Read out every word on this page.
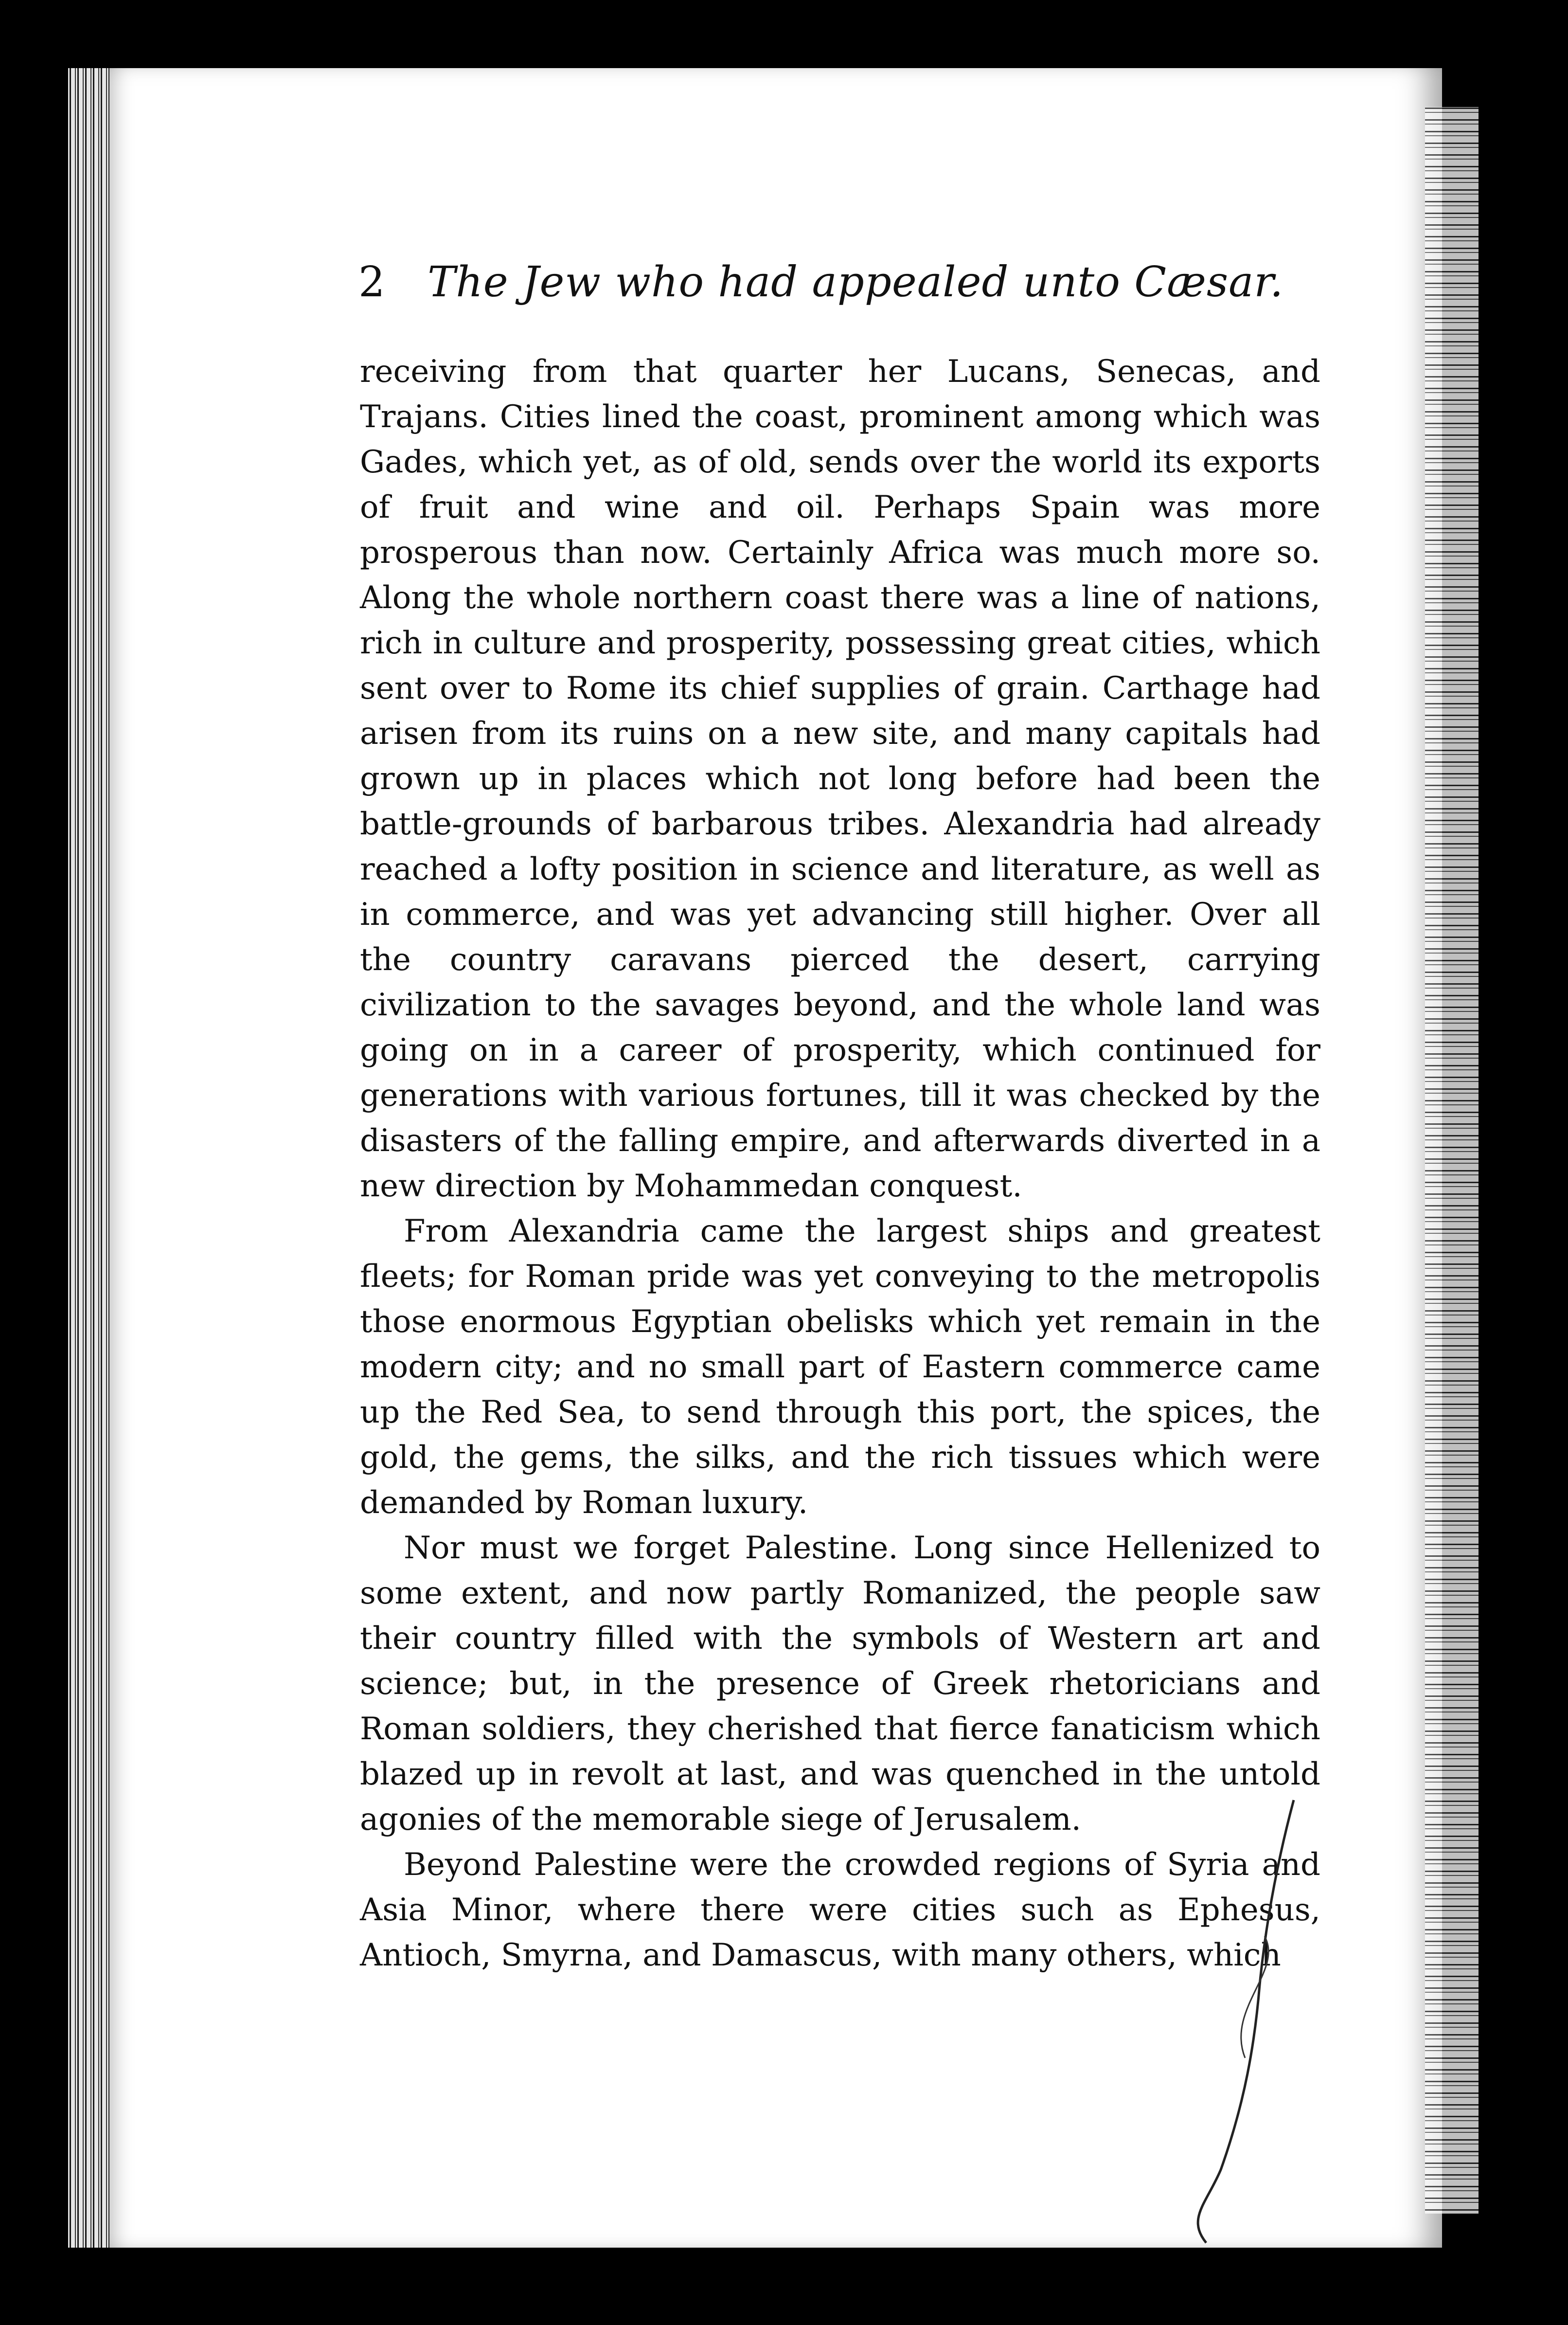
2 The Jew who had appealed unto Cæsar.

receiving from that quarter her Lucans, Senecas, and Trajans. Cities lined the coast, prominent among which was Gades, which yet, as of old, sends over the world its exports of fruit and wine and oil. Perhaps Spain was more prosperous than now. Certainly Africa was much more so. Along the whole northern coast there was a line of nations, rich in culture and prosperity, possessing great cities, which sent over to Rome its chief supplies of grain. Carthage had arisen from its ruins on a new site, and many capitals had grown up in places which not long before had been the battle-grounds of barbarous tribes. Alexandria had already reached a lofty position in science and literature, as well as in commerce, and was yet advancing still higher. Over all the country caravans pierced the desert, carrying civilization to the savages beyond, and the whole land was going on in a career of prosperity, which continued for generations with various fortunes, till it was checked by the disasters of the falling empire, and afterwards diverted in a new direction by Mohammedan conquest.

From Alexandria came the largest ships and greatest fleets; for Roman pride was yet conveying to the metropolis those enormous Egyptian obelisks which yet remain in the modern city; and no small part of Eastern commerce came up the Red Sea, to send through this port, the spices, the gold, the gems, the silks, and the rich tissues which were demanded by Roman luxury.

Nor must we forget Palestine. Long since Hellenized to some extent, and now partly Romanized, the people saw their country filled with the symbols of Western art and science; but, in the presence of Greek rhetoricians and Roman soldiers, they cherished that fierce fanaticism which blazed up in revolt at last, and was quenched in the untold agonies of the memorable siege of Jerusalem.

Beyond Palestine were the crowded regions of Syria and Asia Minor, where there were cities such as Ephesus, Antioch, Smyrna, and Damascus, with many others, which
